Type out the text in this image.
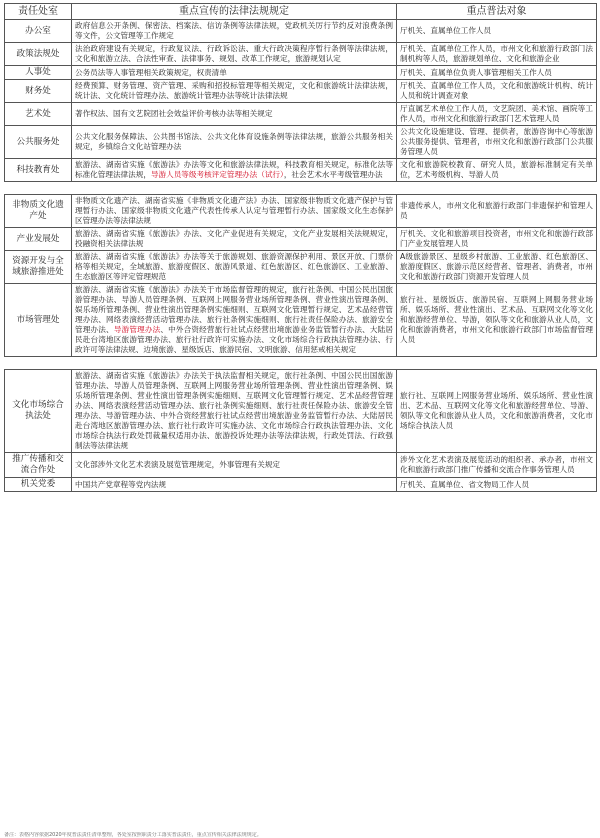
责任处室	重点宣传的法律法规规定	重点普法对象
办公室	政府信息公开条例、保密法、档案法、信访条例等法律法规，党政机关厉行节约反对浪费条例等文件，公文管理等工作规定	厅机关、直属单位工作人员
政策法规处	法治政府建设有关规定，行政复议法、行政诉讼法、重大行政决策程序暂行条例等法律法规，文化和旅游立法、合法性审查、法律事务、规划、改革工作规定，旅游规划认定	厅机关、直属单位工作人员，市州文化和旅游行政部门法制机构等人员，旅游规划单位、文化和旅游企业
人事处	公务员法等人事管理相关政策规定，权责清单	厅机关、直属单位负责人事管理相关工作人员
财务处	经费预算、财务管理、资产管理、采购和招投标管理等相关规定，文化和旅游统计法律法规，统计法、文化统计管理办法、旅游统计管理办法等统计法律法规	厅机关、直属单位工作人员，文化和旅游统计机构、统计人员和统计调查对象
艺术处	著作权法、国有文艺院团社会效益评价考核办法等相关规定	厅直属艺术单位工作人员，文艺院团、美术馆、画院等工作人员，市州文化和旅游行政部门艺术管理人员
公共服务处	公共文化服务保障法、公共图书馆法、公共文化体育设施条例等法律法规，旅游公共服务相关规定，乡镇综合文化站管理办法	公共文化设施建设、管理、提供者，旅游咨询中心等旅游公共服务提供、管理者，市州文化和旅游行政部门公共服务管理人员
科技教育处	旅游法、湖南省实施《旅游法》办法等文化和旅游法律法规，科技教育相关规定，标准化法等标准化管理法律法规，导游人员等级考核评定管理办法（试行），社会艺术水平考级管理办法	文化和旅游院校教育、研究人员，旅游标准制定有关单位，艺术考级机构、导游人员

非物质文化遗产处	非物质文化遗产法、湖南省实施《非物质文化遗产法》办法、国家级非物质文化遗产保护与管理暂行办法、国家级非物质文化遗产代表性传承人认定与管理暂行办法、国家级文化生态保护区管理办法等法律法规	非遗传承人，市州文化和旅游行政部门非遗保护和管理人员
产业发展处	旅游法、湖南省实施《旅游法》办法、文化产业促进有关规定，文化产业发展相关法规规定，投融资相关法律法规	厅机关、文化和旅游项目投资者，市州文化和旅游行政部门产业发展管理人员
资源开发与全域旅游推进处	旅游法、湖南省实施《旅游法》办法等关于旅游规划、旅游资源保护利用、景区开放、门票价格等相关规定，全域旅游、旅游度假区、旅游风景道、红色旅游区、红色旅游区、工业旅游、生态旅游区等评定管理规范	A级旅游景区、星级乡村旅游、工业旅游、红色旅游区、旅游度假区、旅游示范区经营者、管理者、消费者，市州文化和旅游行政部门资源开发管理人员
市场管理处	旅游法、湖南省实施《旅游法》办法关于市场监督管理的规定，旅行社条例、中国公民出国旅游管理办法、导游人员管理条例、互联网上网服务营业场所管理条例、营业性演出管理条例、娱乐场所管理条例、营业性演出管理条例实施细则、互联网文化管理暂行规定、艺术品经营管理办法、网络表演经营活动管理办法、旅行社条例实施细则、旅行社责任保险办法、旅游安全管理办法、导游管理办法、中外合资经营旅行社试点经营出境旅游业务监管暂行办法、大陆居民赴台湾地区旅游管理办法、旅行社行政许可实施办法、文化市场综合行政执法管理办法、行政许可等法律法规、边境旅游、星级饭店、旅游民宿、文明旅游、信用惩戒相关规定	旅行社、星级饭店、旅游民宿、互联网上网服务营业场所、娱乐场所、营业性演出、艺术品、互联网文化等文化和旅游经营单位、导游，领队等文化和旅游从业人员，文化和旅游消费者，市州文化和旅游行政部门市场监督管理人员

文化市场综合执法处	旅游法、湖南省实施《旅游法》办法关于执法监督相关规定，旅行社条例、中国公民出国旅游管理办法、导游人员管理条例、互联网上网服务营业场所管理条例、营业性演出管理条例、娱乐场所管理条例、营业性演出管理条例实施细则、互联网文化管理暂行规定、艺术品经营管理办法、网络表演经营活动管理办法、旅行社条例实施细则、旅行社责任保险办法、旅游安全管理办法、导游管理办法、中外合资经营旅行社试点经营出境旅游业务监管暂行办法、大陆居民赴台湾地区旅游管理办法、旅行社行政许可实施办法、文化市场综合行政执法管理办法、文化市场综合执法行政处罚裁量权适用办法、旅游投诉处理办法等法律法规，行政处罚法、行政强制法等法律法规	旅行社、互联网上网服务营业场所、娱乐场所、营业性演出、艺术品、互联网文化等文化和旅游经营单位、导游、领队等文化和旅游从业人员，文化和旅游消费者，文化市场综合执法人员
推广传播和交流合作处	文化部涉外文化艺术表演及展览管理规定，外事管理有关规定	涉外文化艺术表演及展览活动的组织者、承办者，市州文化和旅游行政部门推广传播和交流合作事务管理人员
机关党委	中国共产党章程等党内法规	厅机关、直属单位、省文物局工作人员
备注：表格内容依据2020年度普法责任清单整理，各处室按照职责分工落实普法责任，重点宣传相关法律法规规定。
